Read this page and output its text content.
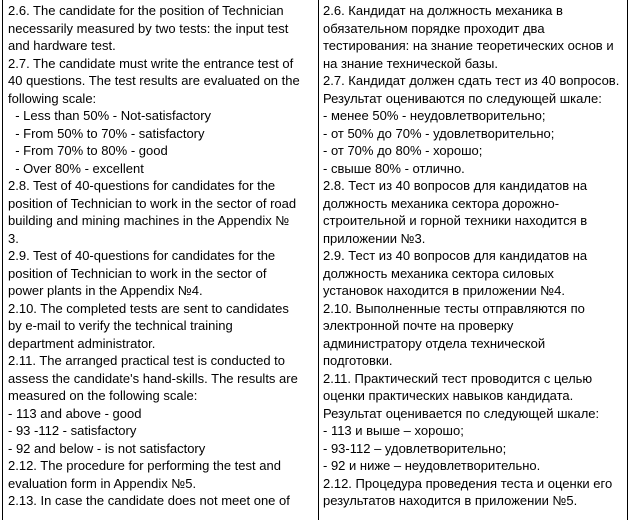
2.6. The candidate for the position of Technician
necessarily measured by two tests: the input test
and hardware test.
2.7. The candidate must write the entrance test of
40 questions. The test results are evaluated on the
following scale:
- Less than 50% - Not-satisfactory
- From 50% to 70% - satisfactory
- From 70% to 80% - good
- Over 80% - excellent
2.8. Test of 40-questions for candidates for the
position of Technician to work in the sector of road
building and mining machines in the Appendix №
3.
2.9. Test of 40-questions for candidates for the
position of Technician to work in the sector of
power plants in the Appendix №4.
2.10. The completed tests are sent to candidates
by e-mail to verify the technical training
department administrator.
2.11. The arranged practical test is conducted to
assess the candidate's hand-skills. The results are
measured on the following scale:
- 113 and above - good
- 93 -112 - satisfactory
- 92 and below - is not satisfactory
2.12. The procedure for performing the test and
evaluation form in Appendix №5.
2.13. In case the candidate does not meet one of
2.6. Кандидат на должность механика в
обязательном порядке проходит два
тестирования: на знание теоретических основ и
на знание технической базы.
2.7. Кандидат должен сдать тест из 40 вопросов.
Результат оцениваются по следующей шкале:
- менее 50% - неудовлетворительно;
- от 50% до 70% - удовлетворительно;
- от 70% до 80% - хорошо;
- свыше 80% - отлично.
2.8. Тест из 40 вопросов для кандидатов на
должность механика сектора дорожно-
строительной и горной техники находится в
приложении №3.
2.9. Тест из 40 вопросов для кандидатов на
должность механика сектора силовых
установок находится в приложении №4.
2.10. Выполненные тесты отправляются по
электронной почте на проверку
администратору отдела технической
подготовки.
2.11. Практический тест проводится с целью
оценки практических навыков кандидата.
Результат оценивается по следующей шкале:
- 113 и выше – хорошо;
- 93-112 – удовлетворительно;
- 92 и ниже – неудовлетворительно.
2.12. Процедура проведения теста и оценки его
результатов находится в приложении №5.
